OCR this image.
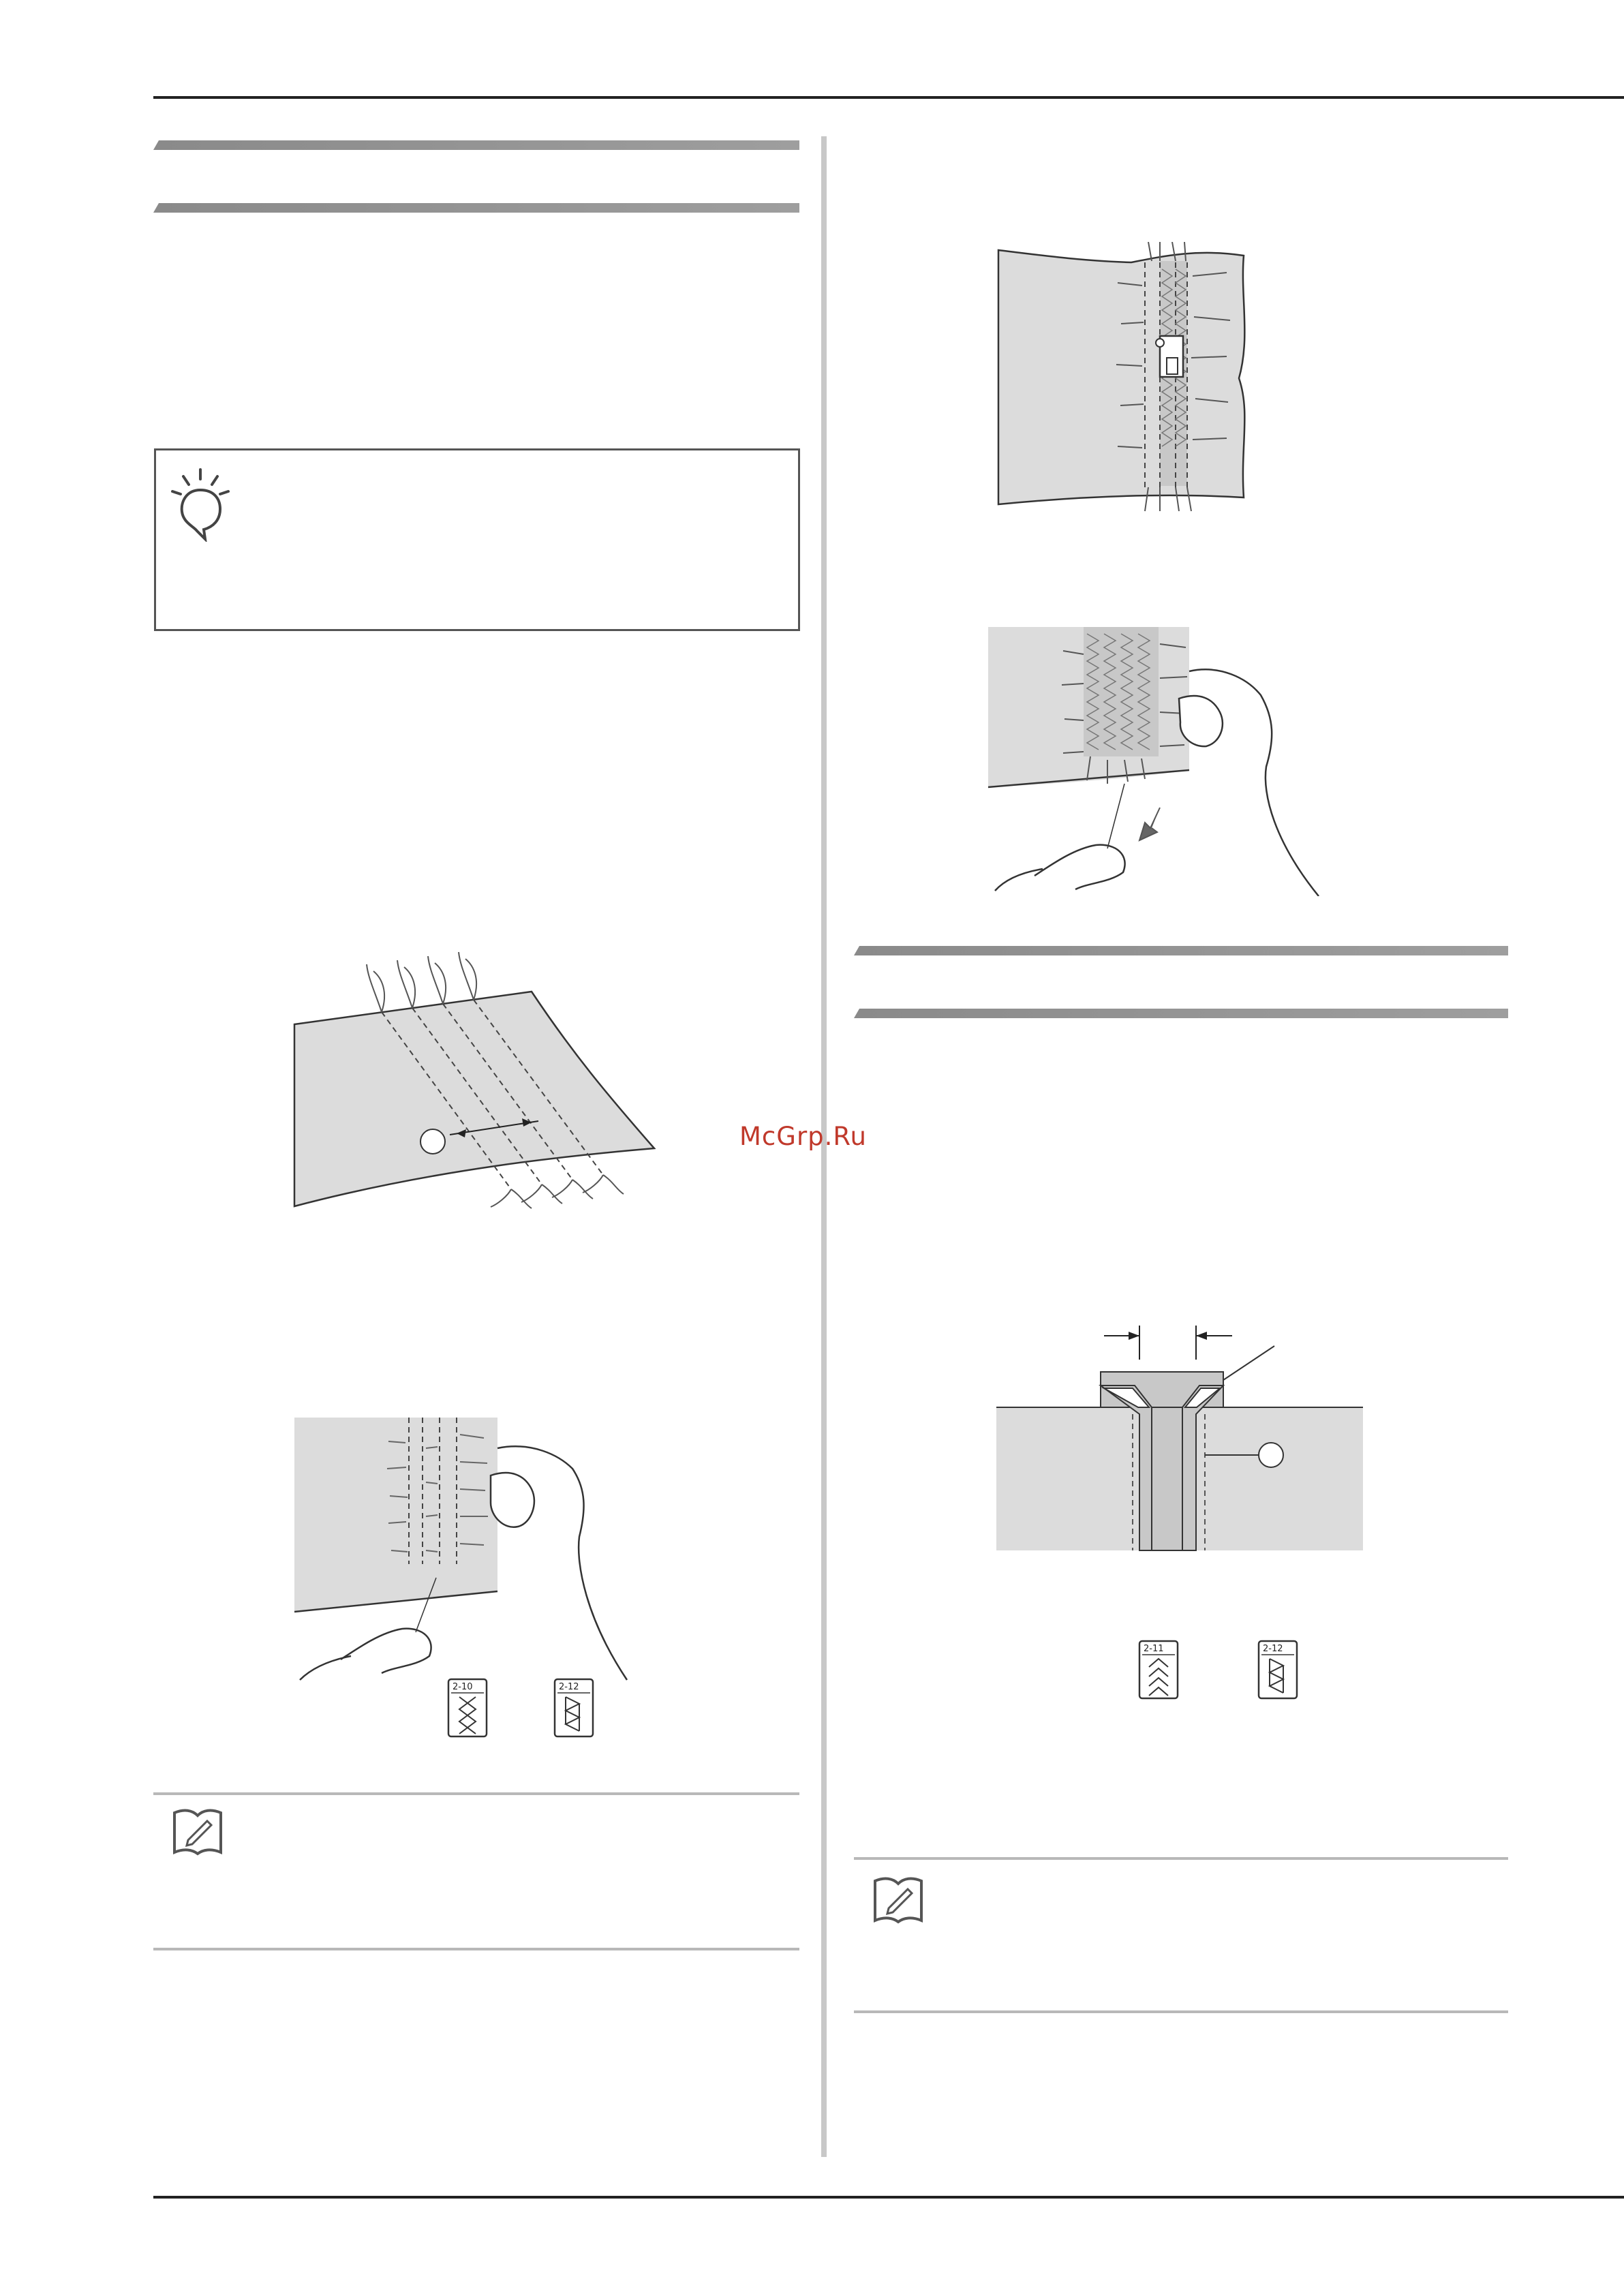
2-10	2-12
McGrp.Ru
2-11	2-12
